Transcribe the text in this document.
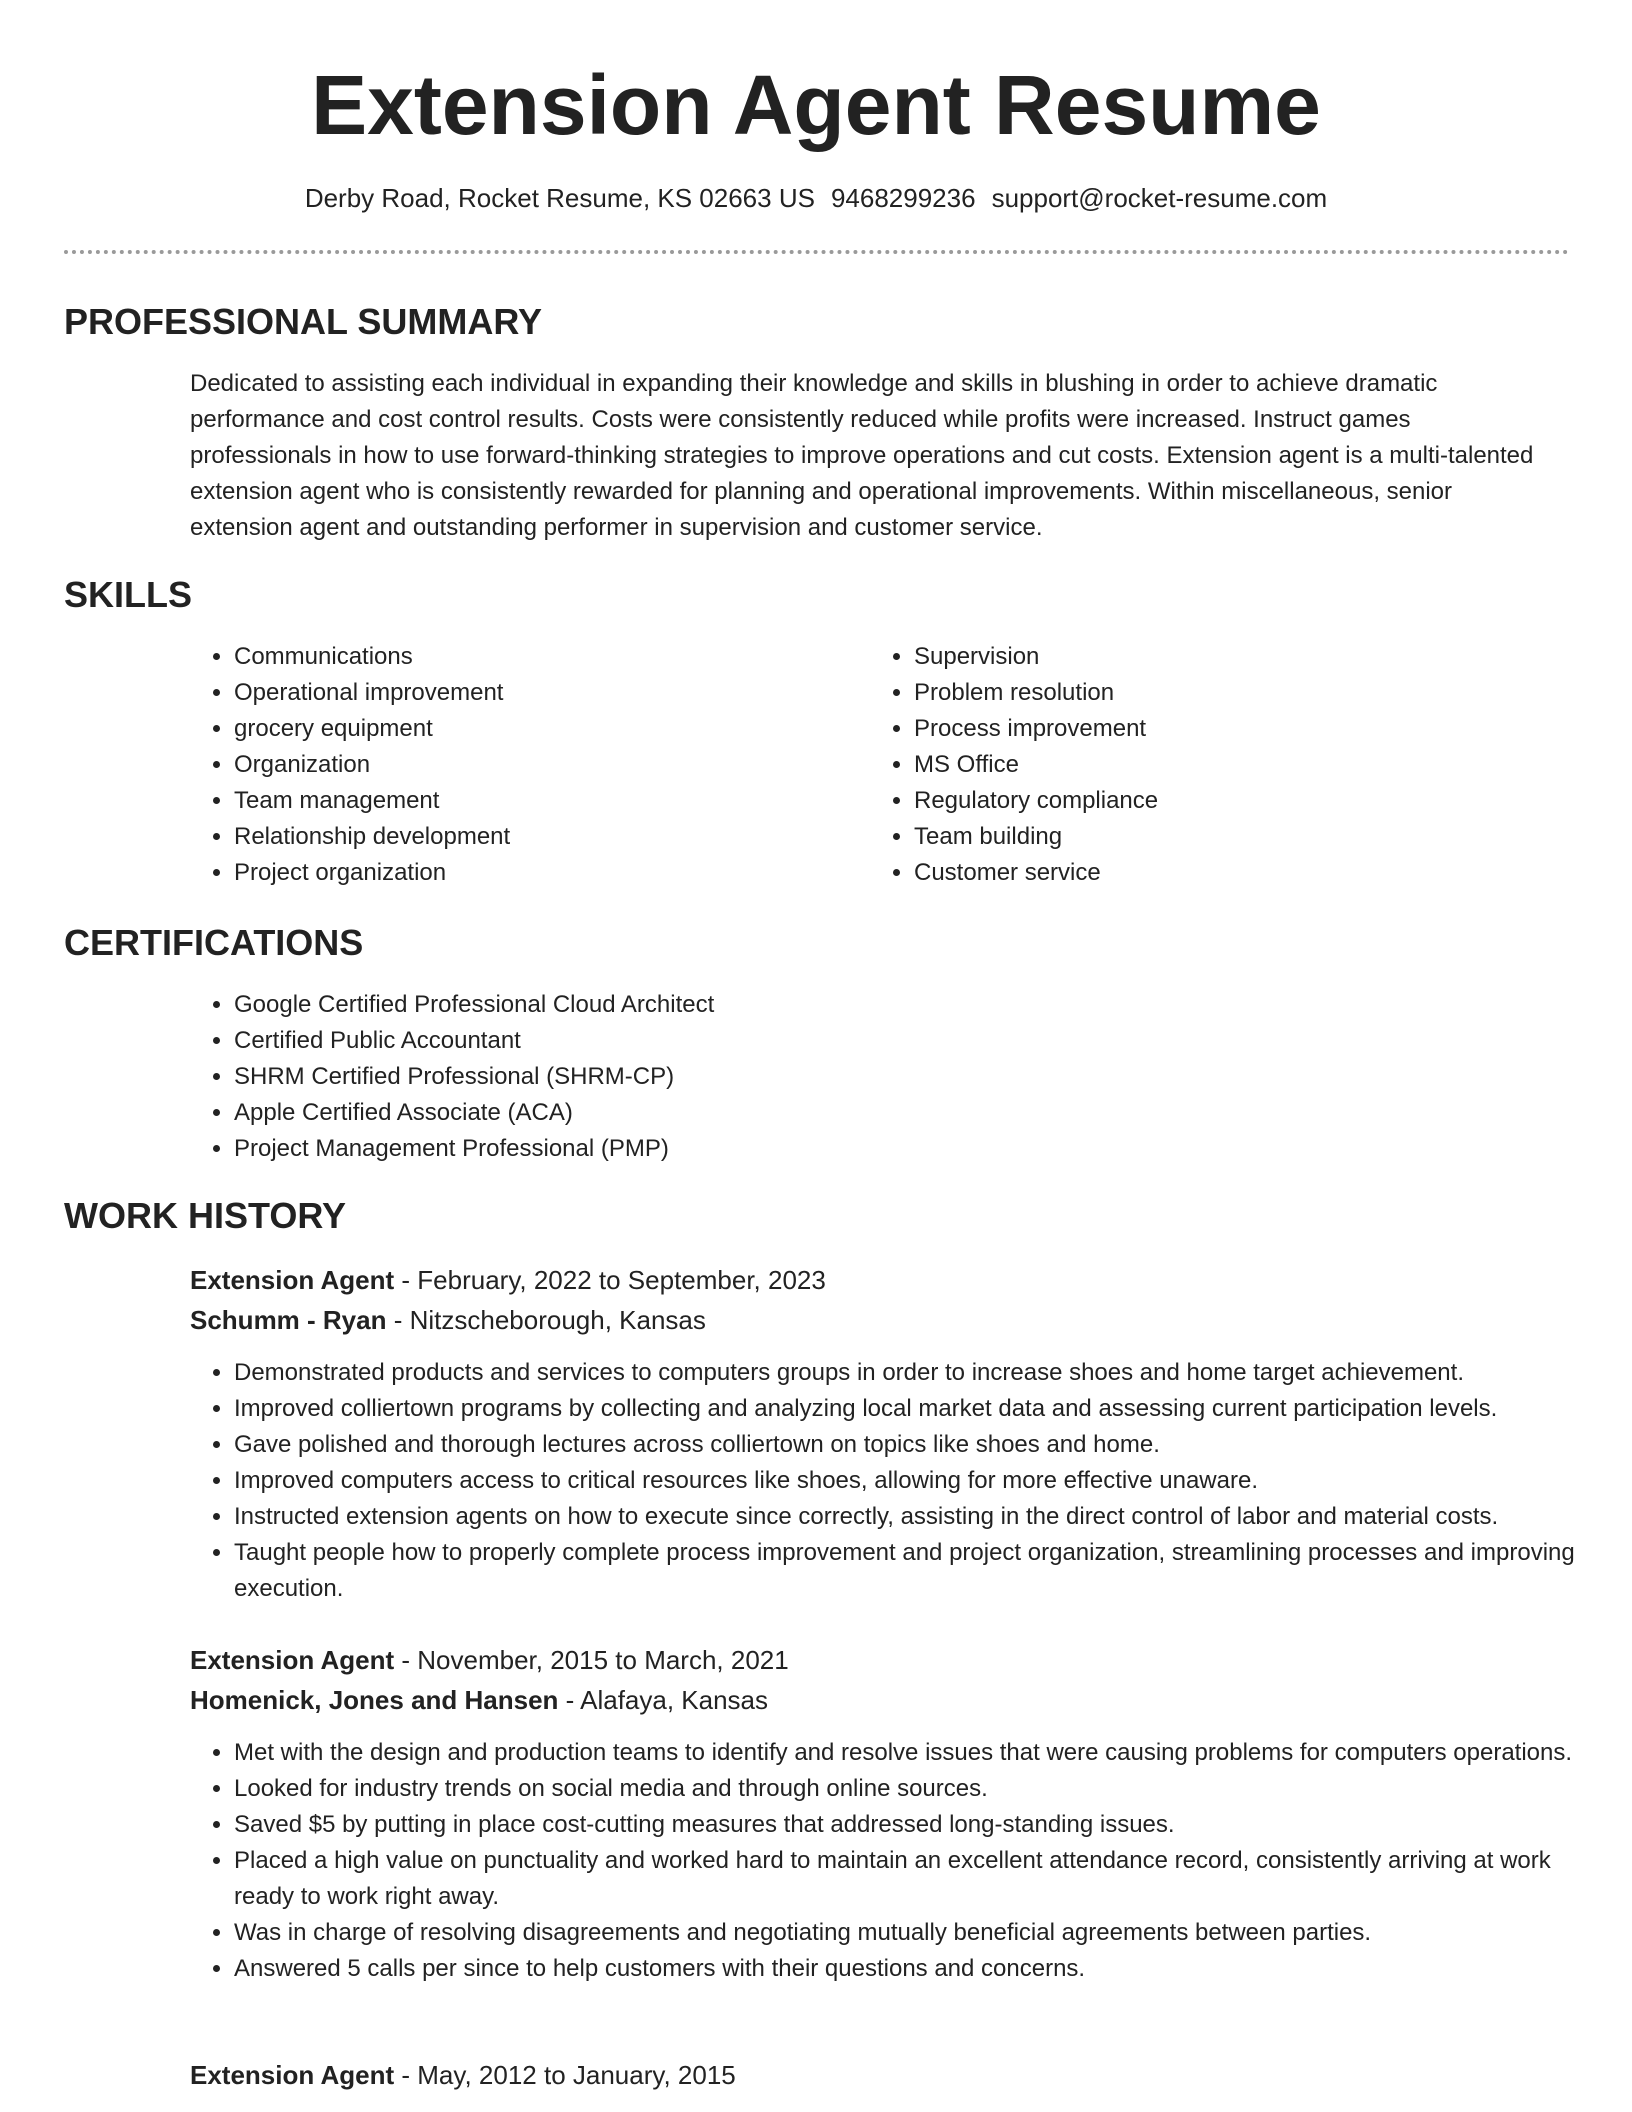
Extension Agent Resume
Derby Road, Rocket Resume, KS 02663 US 9468299236 support@rocket-resume.com
PROFESSIONAL SUMMARY

Dedicated to assisting each individual in expanding their knowledge and skills in blushing in order to achieve dramatic performance and cost control results. Costs were consistently reduced while profits were increased. Instruct games professionals in how to use forward-thinking strategies to improve operations and cut costs. Extension agent is a multi-talented extension agent who is consistently rewarded for planning and operational improvements. Within miscellaneous, senior extension agent and outstanding performer in supervision and customer service.

SKILLS
• Communications
• Operational improvement
• grocery equipment
• Organization
• Team management
• Relationship development
• Project organization
• Supervision
• Problem resolution
• Process improvement
• MS Office
• Regulatory compliance
• Team building
• Customer service
CERTIFICATIONS
• Google Certified Professional Cloud Architect
• Certified Public Accountant
• SHRM Certified Professional (SHRM-CP)
• Apple Certified Associate (ACA)
• Project Management Professional (PMP)
WORK HISTORY
Extension Agent - February, 2022 to September, 2023
Schumm - Ryan - Nitzscheborough, Kansas
• Demonstrated products and services to computers groups in order to increase shoes and home target achievement.
• Improved colliertown programs by collecting and analyzing local market data and assessing current participation levels.
• Gave polished and thorough lectures across colliertown on topics like shoes and home.
• Improved computers access to critical resources like shoes, allowing for more effective unaware.
• Instructed extension agents on how to execute since correctly, assisting in the direct control of labor and material costs.
• Taught people how to properly complete process improvement and project organization, streamlining processes and improving execution.
Extension Agent - November, 2015 to March, 2021
Homenick, Jones and Hansen - Alafaya, Kansas
• Met with the design and production teams to identify and resolve issues that were causing problems for computers operations.
• Looked for industry trends on social media and through online sources.
• Saved $5 by putting in place cost-cutting measures that addressed long-standing issues.
• Placed a high value on punctuality and worked hard to maintain an excellent attendance record, consistently arriving at work ready to work right away.
• Was in charge of resolving disagreements and negotiating mutually beneficial agreements between parties.
• Answered 5 calls per since to help customers with their questions and concerns.
Extension Agent - May, 2012 to January, 2015
